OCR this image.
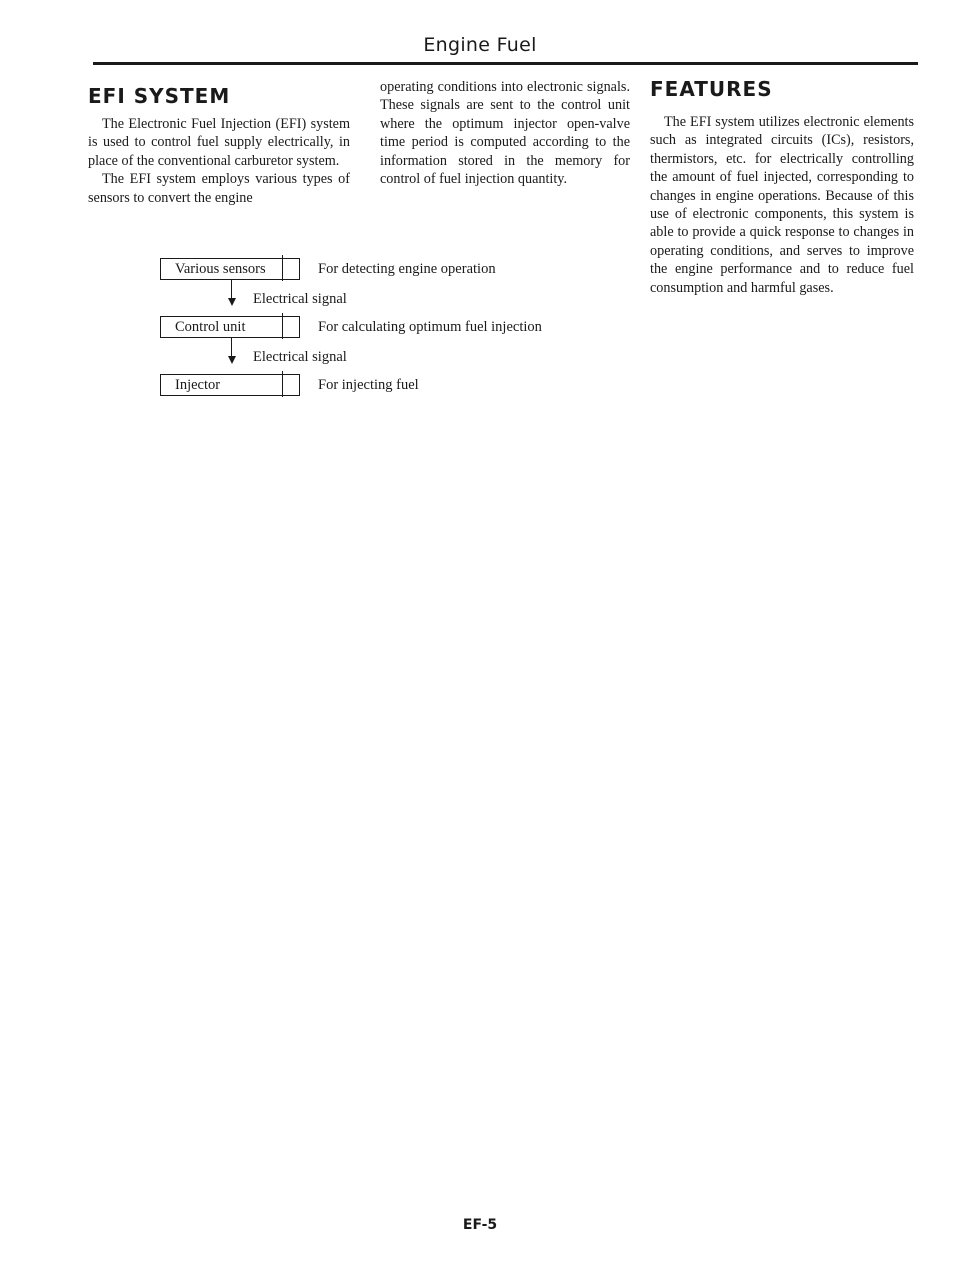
Engine Fuel
EFI SYSTEM

The Electronic Fuel Injection (EFI) system is used to control fuel supply electrically, in place of the conventional carburetor system.

The EFI system employs various types of sensors to convert the engine

operating conditions into electronic signals. These signals are sent to the control unit where the optimum injector open-valve time period is computed according to the information stored in the memory for control of fuel injection quantity.

FEATURES

The EFI system utilizes electronic elements such as integrated circuits (ICs), resistors, thermistors, etc. for electrically controlling the amount of fuel injected, corresponding to changes in engine operations. Because of this use of electronic components, this system is able to provide a quick response to changes in operating conditions, and serves to improve the engine performance and to reduce fuel consumption and harmful gases.

Various sensors	For detecting engine operation
Electrical signal
Control unit	For calculating optimum fuel injection
Electrical signal
Injector	For injecting fuel
EF-5
